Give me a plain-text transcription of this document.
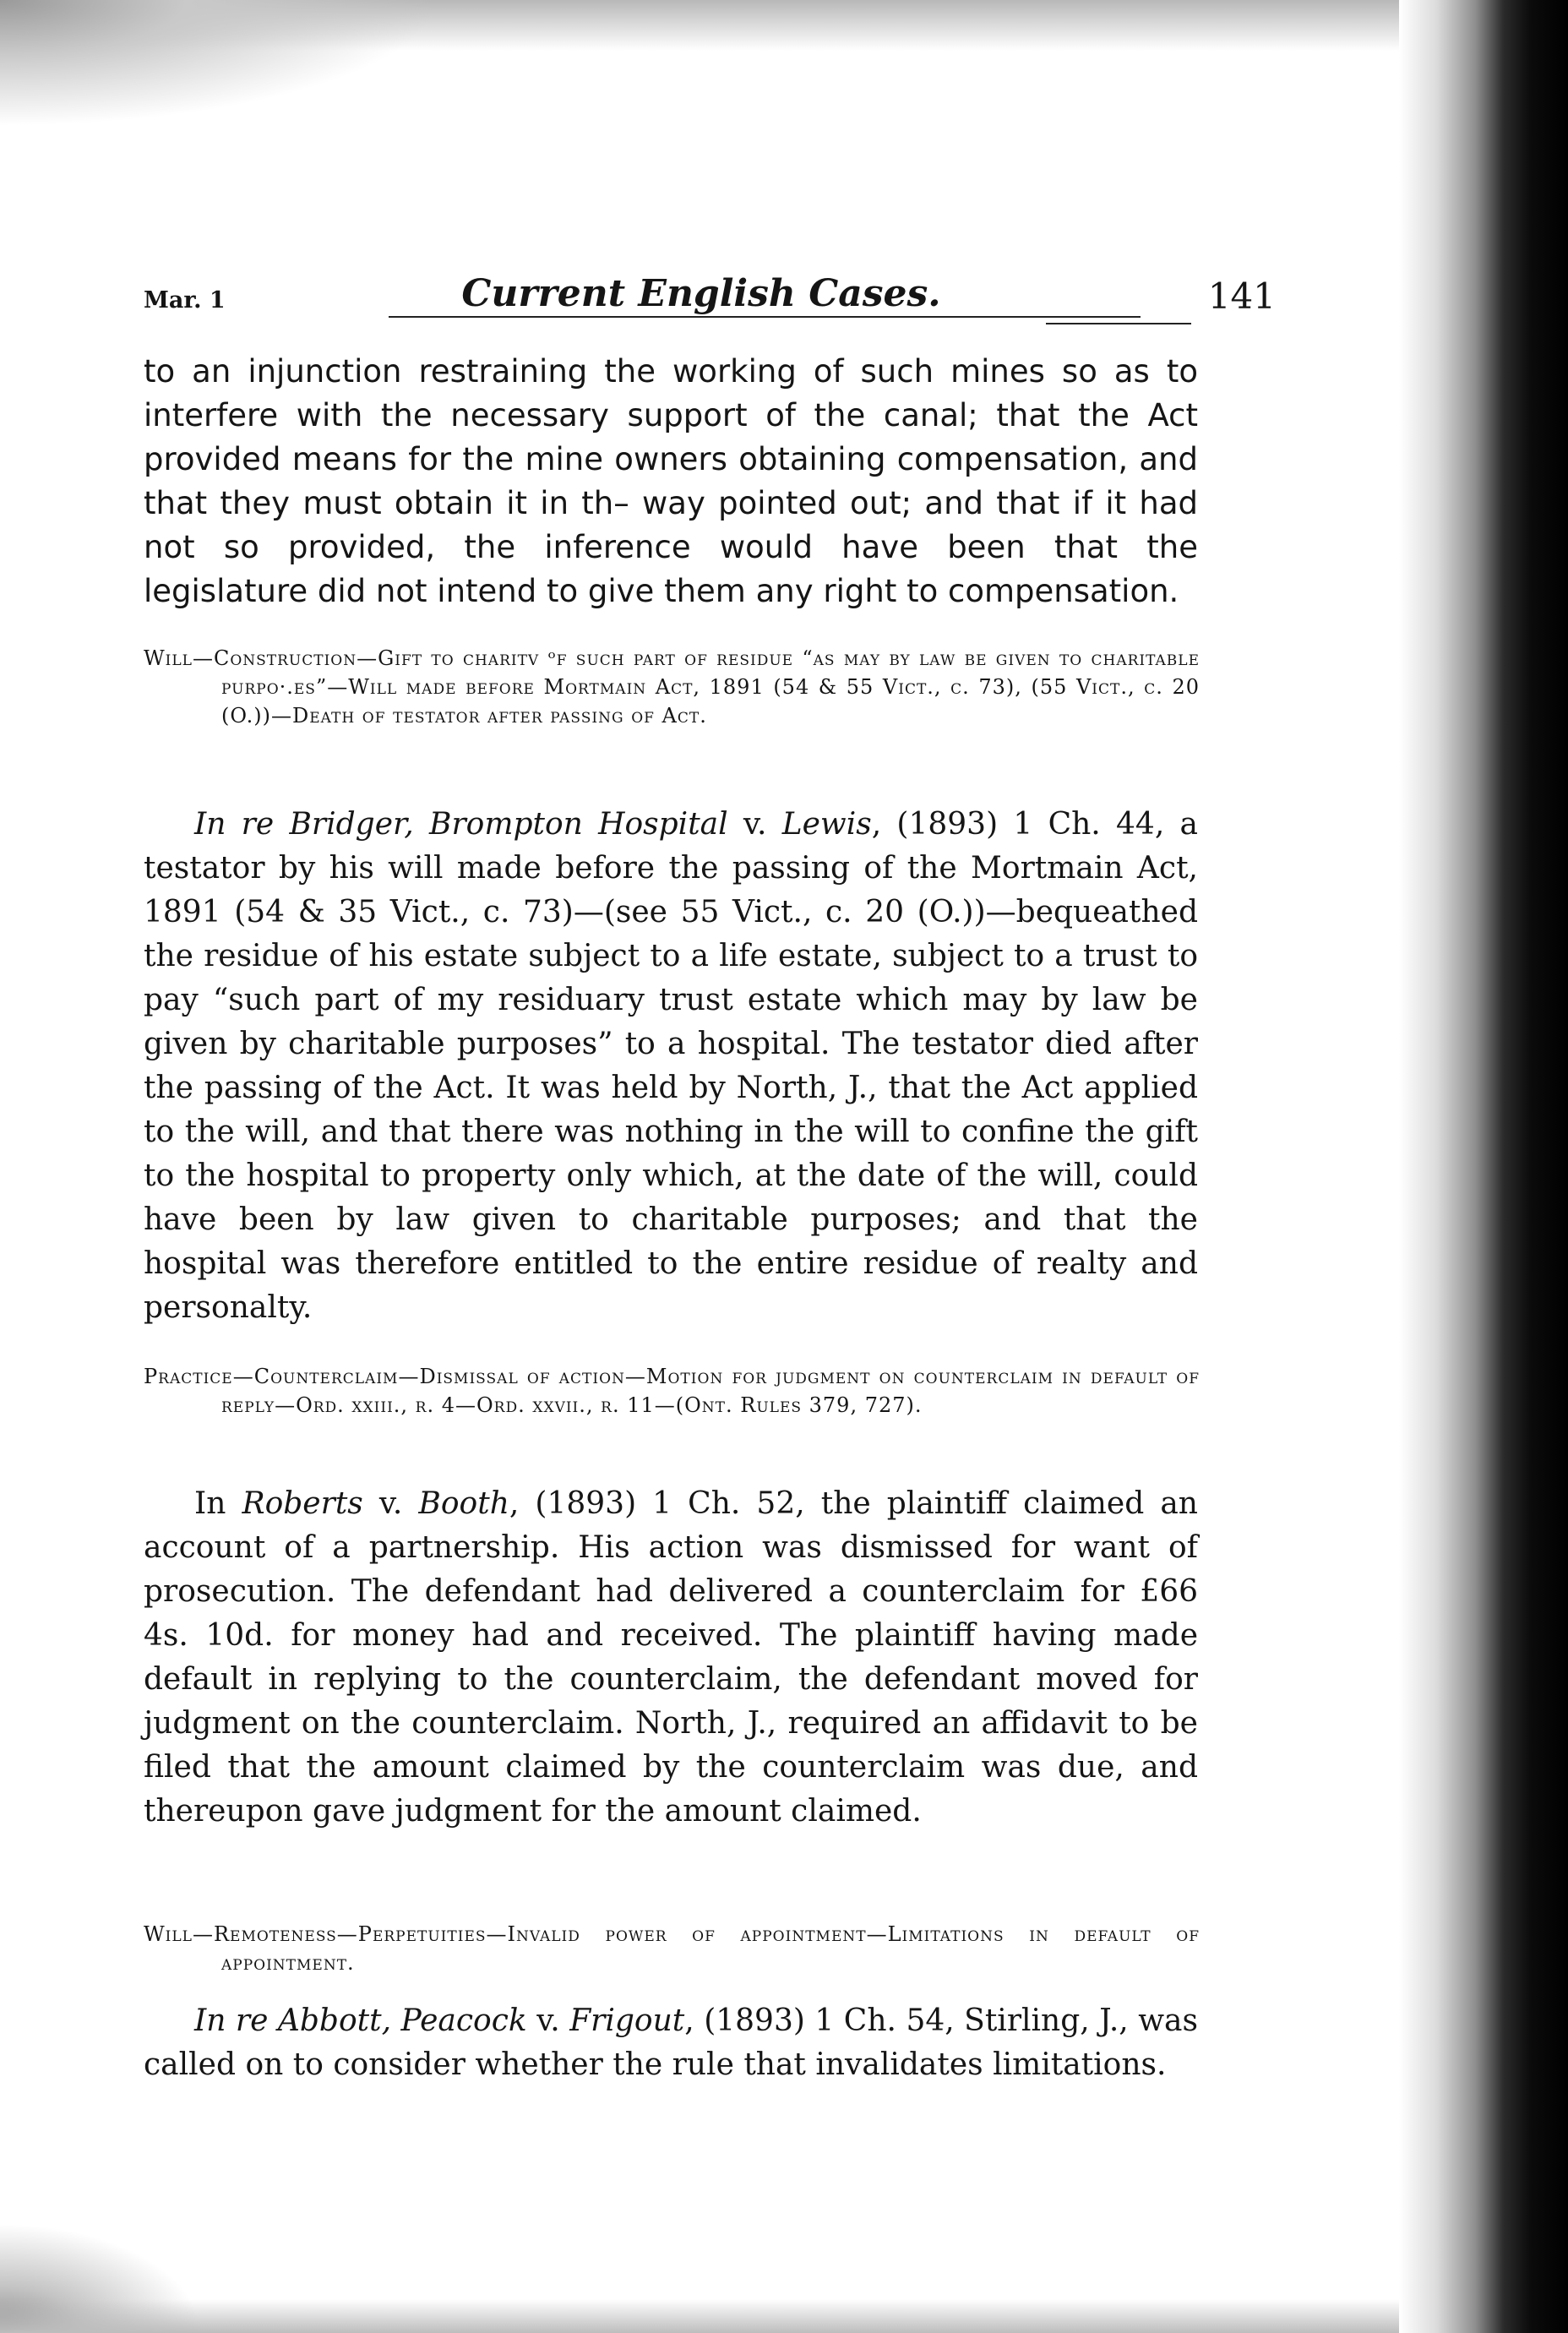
Mar. 1	Current English Cases.	141

to an injunction restraining the working of such mines so as to interfere with the necessary support of the canal; that the Act provided means for the mine owners obtaining compensation, and that they must obtain it in th– way pointed out; and that if it had not so provided, the inference would have been that the legislature did not intend to give them any right to compensation.

Will—Construction—Gift to charitv ᵒf such part of residue “as may by law be given to charitable purpo·.es”—Will made before Mortmain Act, 1891 (54 & 55 Vict., c. 73), (55 Vict., c. 20 (O.))—Death of testator after passing of Act.

In re Bridger, Brompton Hospital v. Lewis, (1893) 1 Ch. 44, a testator by his will made before the passing of the Mortmain Act, 1891 (54 & 35 Vict., c. 73)—(see 55 Vict., c. 20 (O.))—bequeathed the residue of his estate subject to a life estate, subject to a trust to pay “such part of my residuary trust estate which may by law be given by charitable purposes” to a hospital. The testator died after the passing of the Act. It was held by North, J., that the Act applied to the will, and that there was nothing in the will to confine the gift to the hospital to property only which, at the date of the will, could have been by law given to charitable purposes; and that the hospital was therefore entitled to the entire residue of realty and personalty.

Practice—Counterclaim—Dismissal of action—Motion for judgment on counterclaim in default of reply—Ord. xxiii., r. 4—Ord. xxvii., r. 11—(Ont. Rules 379, 727).

In Roberts v. Booth, (1893) 1 Ch. 52, the plaintiff claimed an account of a partnership. His action was dismissed for want of prosecution. The defendant had delivered a counterclaim for £66 4s. 10d. for money had and received. The plaintiff having made default in replying to the counterclaim, the defendant moved for judgment on the counterclaim. North, J., required an affidavit to be filed that the amount claimed by the counterclaim was due, and thereupon gave judgment for the amount claimed.

Will—Remoteness—Perpetuities—Invalid power of appointment—Limitations in default of appointment.

In re Abbott, Peacock v. Frigout, (1893) 1 Ch. 54, Stirling, J., was called on to consider whether the rule that invalidates limitations.
